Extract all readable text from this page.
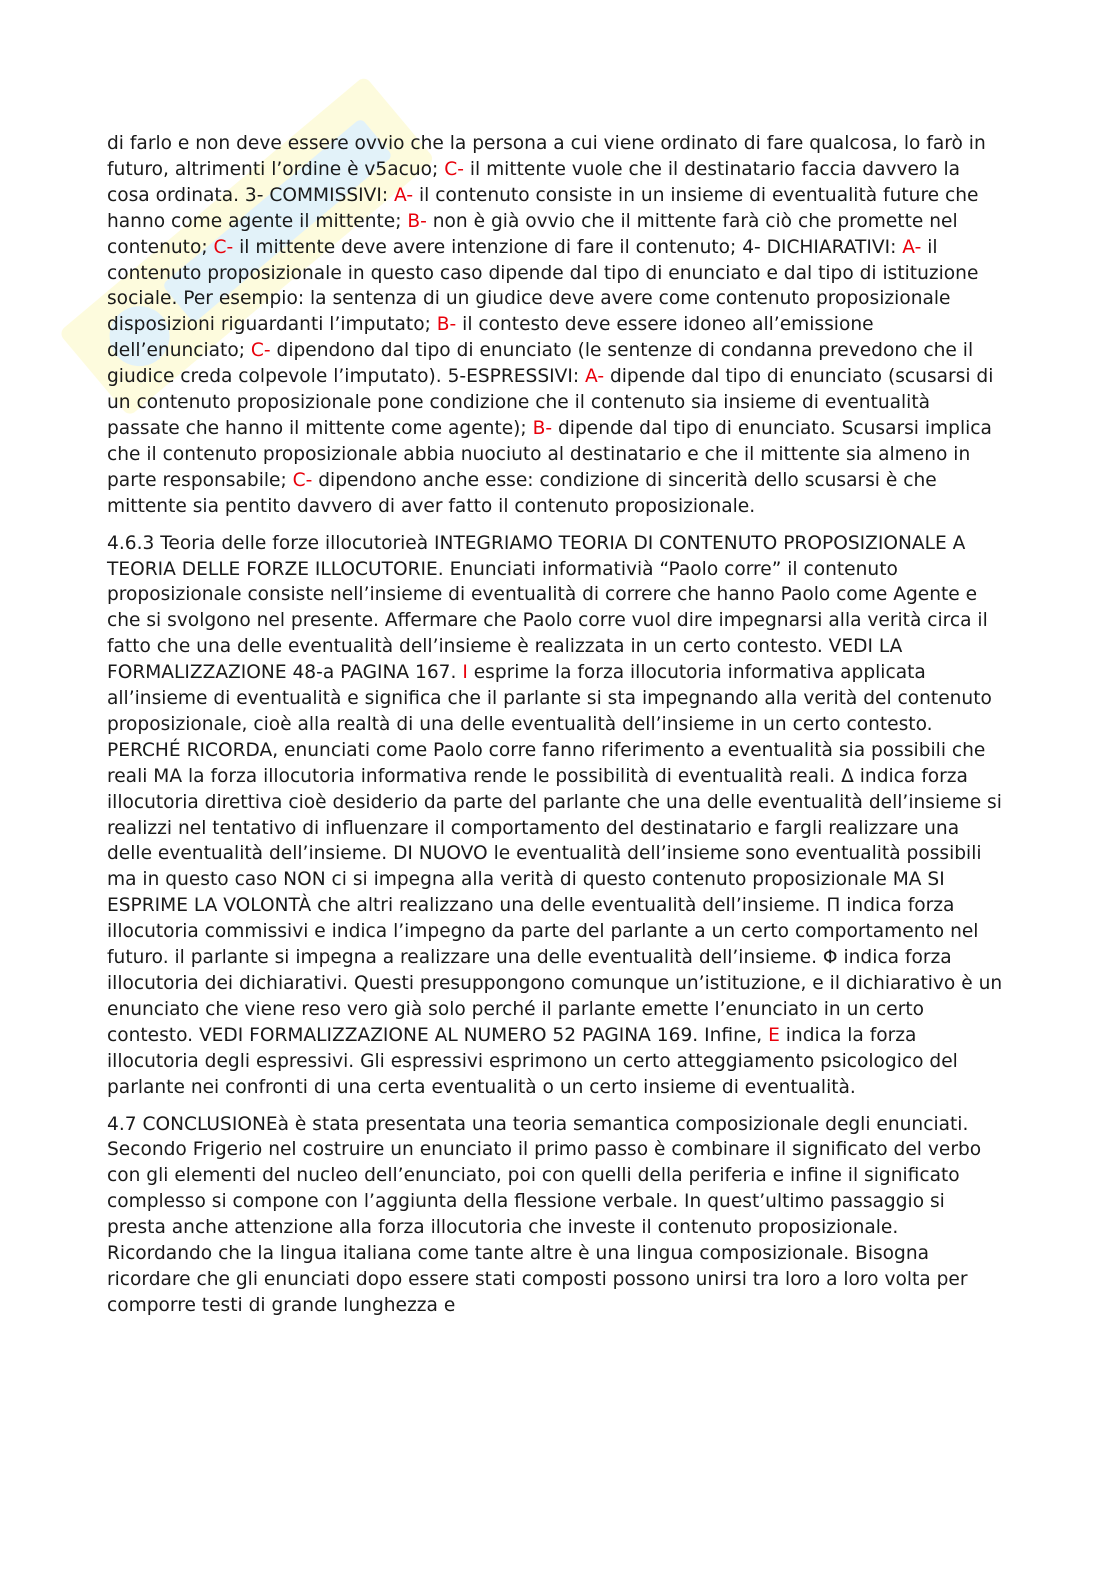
di farlo e non deve essere ovvio che la persona a cui viene ordinato di fare qualcosa, lo farò in futuro, altrimenti l’ordine è v5acuo; C- il mittente vuole che il destinatario faccia davvero la cosa ordinata. 3- COMMISSIVI: A- il contenuto consiste in un insieme di eventualità future che hanno come agente il mittente; B- non è già ovvio che il mittente farà ciò che promette nel contenuto; C- il mittente deve avere intenzione di fare il contenuto; 4- DICHIARATIVI: A- il contenuto proposizionale in questo caso dipende dal tipo di enunciato e dal tipo di istituzione sociale. Per esempio: la sentenza di un giudice deve avere come contenuto proposizionale disposizioni riguardanti l’imputato; B- il contesto deve essere idoneo all’emissione dell’enunciato; C- dipendono dal tipo di enunciato (le sentenze di condanna prevedono che il giudice creda colpevole l’imputato). 5-ESPRESSIVI: A- dipende dal tipo di enunciato (scusarsi di un contenuto proposizionale pone condizione che il contenuto sia insieme di eventualità passate che hanno il mittente come agente); B- dipende dal tipo di enunciato. Scusarsi implica che il contenuto proposizionale abbia nuociuto al destinatario e che il mittente sia almeno in parte responsabile; C- dipendono anche esse: condizione di sincerità dello scusarsi è che mittente sia pentito davvero di aver fatto il contenuto proposizionale.

4.6.3 Teoria delle forze illocutorieà INTEGRIAMO TEORIA DI CONTENUTO PROPOSIZIONALE A TEORIA DELLE FORZE ILLOCUTORIE. Enunciati informativià “Paolo corre” il contenuto proposizionale consiste nell’insieme di eventualità di correre che hanno Paolo come Agente e che si svolgono nel presente. Affermare che Paolo corre vuol dire impegnarsi alla verità circa il fatto che una delle eventualità dell’insieme è realizzata in un certo contesto. VEDI LA FORMALIZZAZIONE 48-a PAGINA 167. I esprime la forza illocutoria informativa applicata all’insieme di eventualità e significa che il parlante si sta impegnando alla verità del contenuto proposizionale, cioè alla realtà di una delle eventualità dell’insieme in un certo contesto. PERCHÉ RICORDA, enunciati come Paolo corre fanno riferimento a eventualità sia possibili che reali MA la forza illocutoria informativa rende le possibilità di eventualità reali. Δ indica forza illocutoria direttiva cioè desiderio da parte del parlante che una delle eventualità dell’insieme si realizzi nel tentativo di influenzare il comportamento del destinatario e fargli realizzare una delle eventualità dell’insieme. DI NUOVO le eventualità dell’insieme sono eventualità possibili ma in questo caso NON ci si impegna alla verità di questo contenuto proposizionale MA SI ESPRIME LA VOLONTÀ che altri realizzano una delle eventualità dell’insieme. Π indica forza illocutoria commissivi e indica l’impegno da parte del parlante a un certo comportamento nel futuro. il parlante si impegna a realizzare una delle eventualità dell’insieme. Φ indica forza illocutoria dei dichiarativi. Questi presuppongono comunque un’istituzione, e il dichiarativo è un enunciato che viene reso vero già solo perché il parlante emette l’enunciato in un certo contesto. VEDI FORMALIZZAZIONE AL NUMERO 52 PAGINA 169. Infine, E indica la forza illocutoria degli espressivi. Gli espressivi esprimono un certo atteggiamento psicologico del parlante nei confronti di una certa eventualità o un certo insieme di eventualità.

4.7 CONCLUSIONEà è stata presentata una teoria semantica composizionale degli enunciati. Secondo Frigerio nel costruire un enunciato il primo passo è combinare il significato del verbo con gli elementi del nucleo dell’enunciato, poi con quelli della periferia e infine il significato complesso si compone con l’aggiunta della flessione verbale. In quest’ultimo passaggio si presta anche attenzione alla forza illocutoria che investe il contenuto proposizionale. Ricordando che la lingua italiana come tante altre è una lingua composizionale. Bisogna ricordare che gli enunciati dopo essere stati composti possono unirsi tra loro a loro volta per comporre testi di grande lunghezza e
